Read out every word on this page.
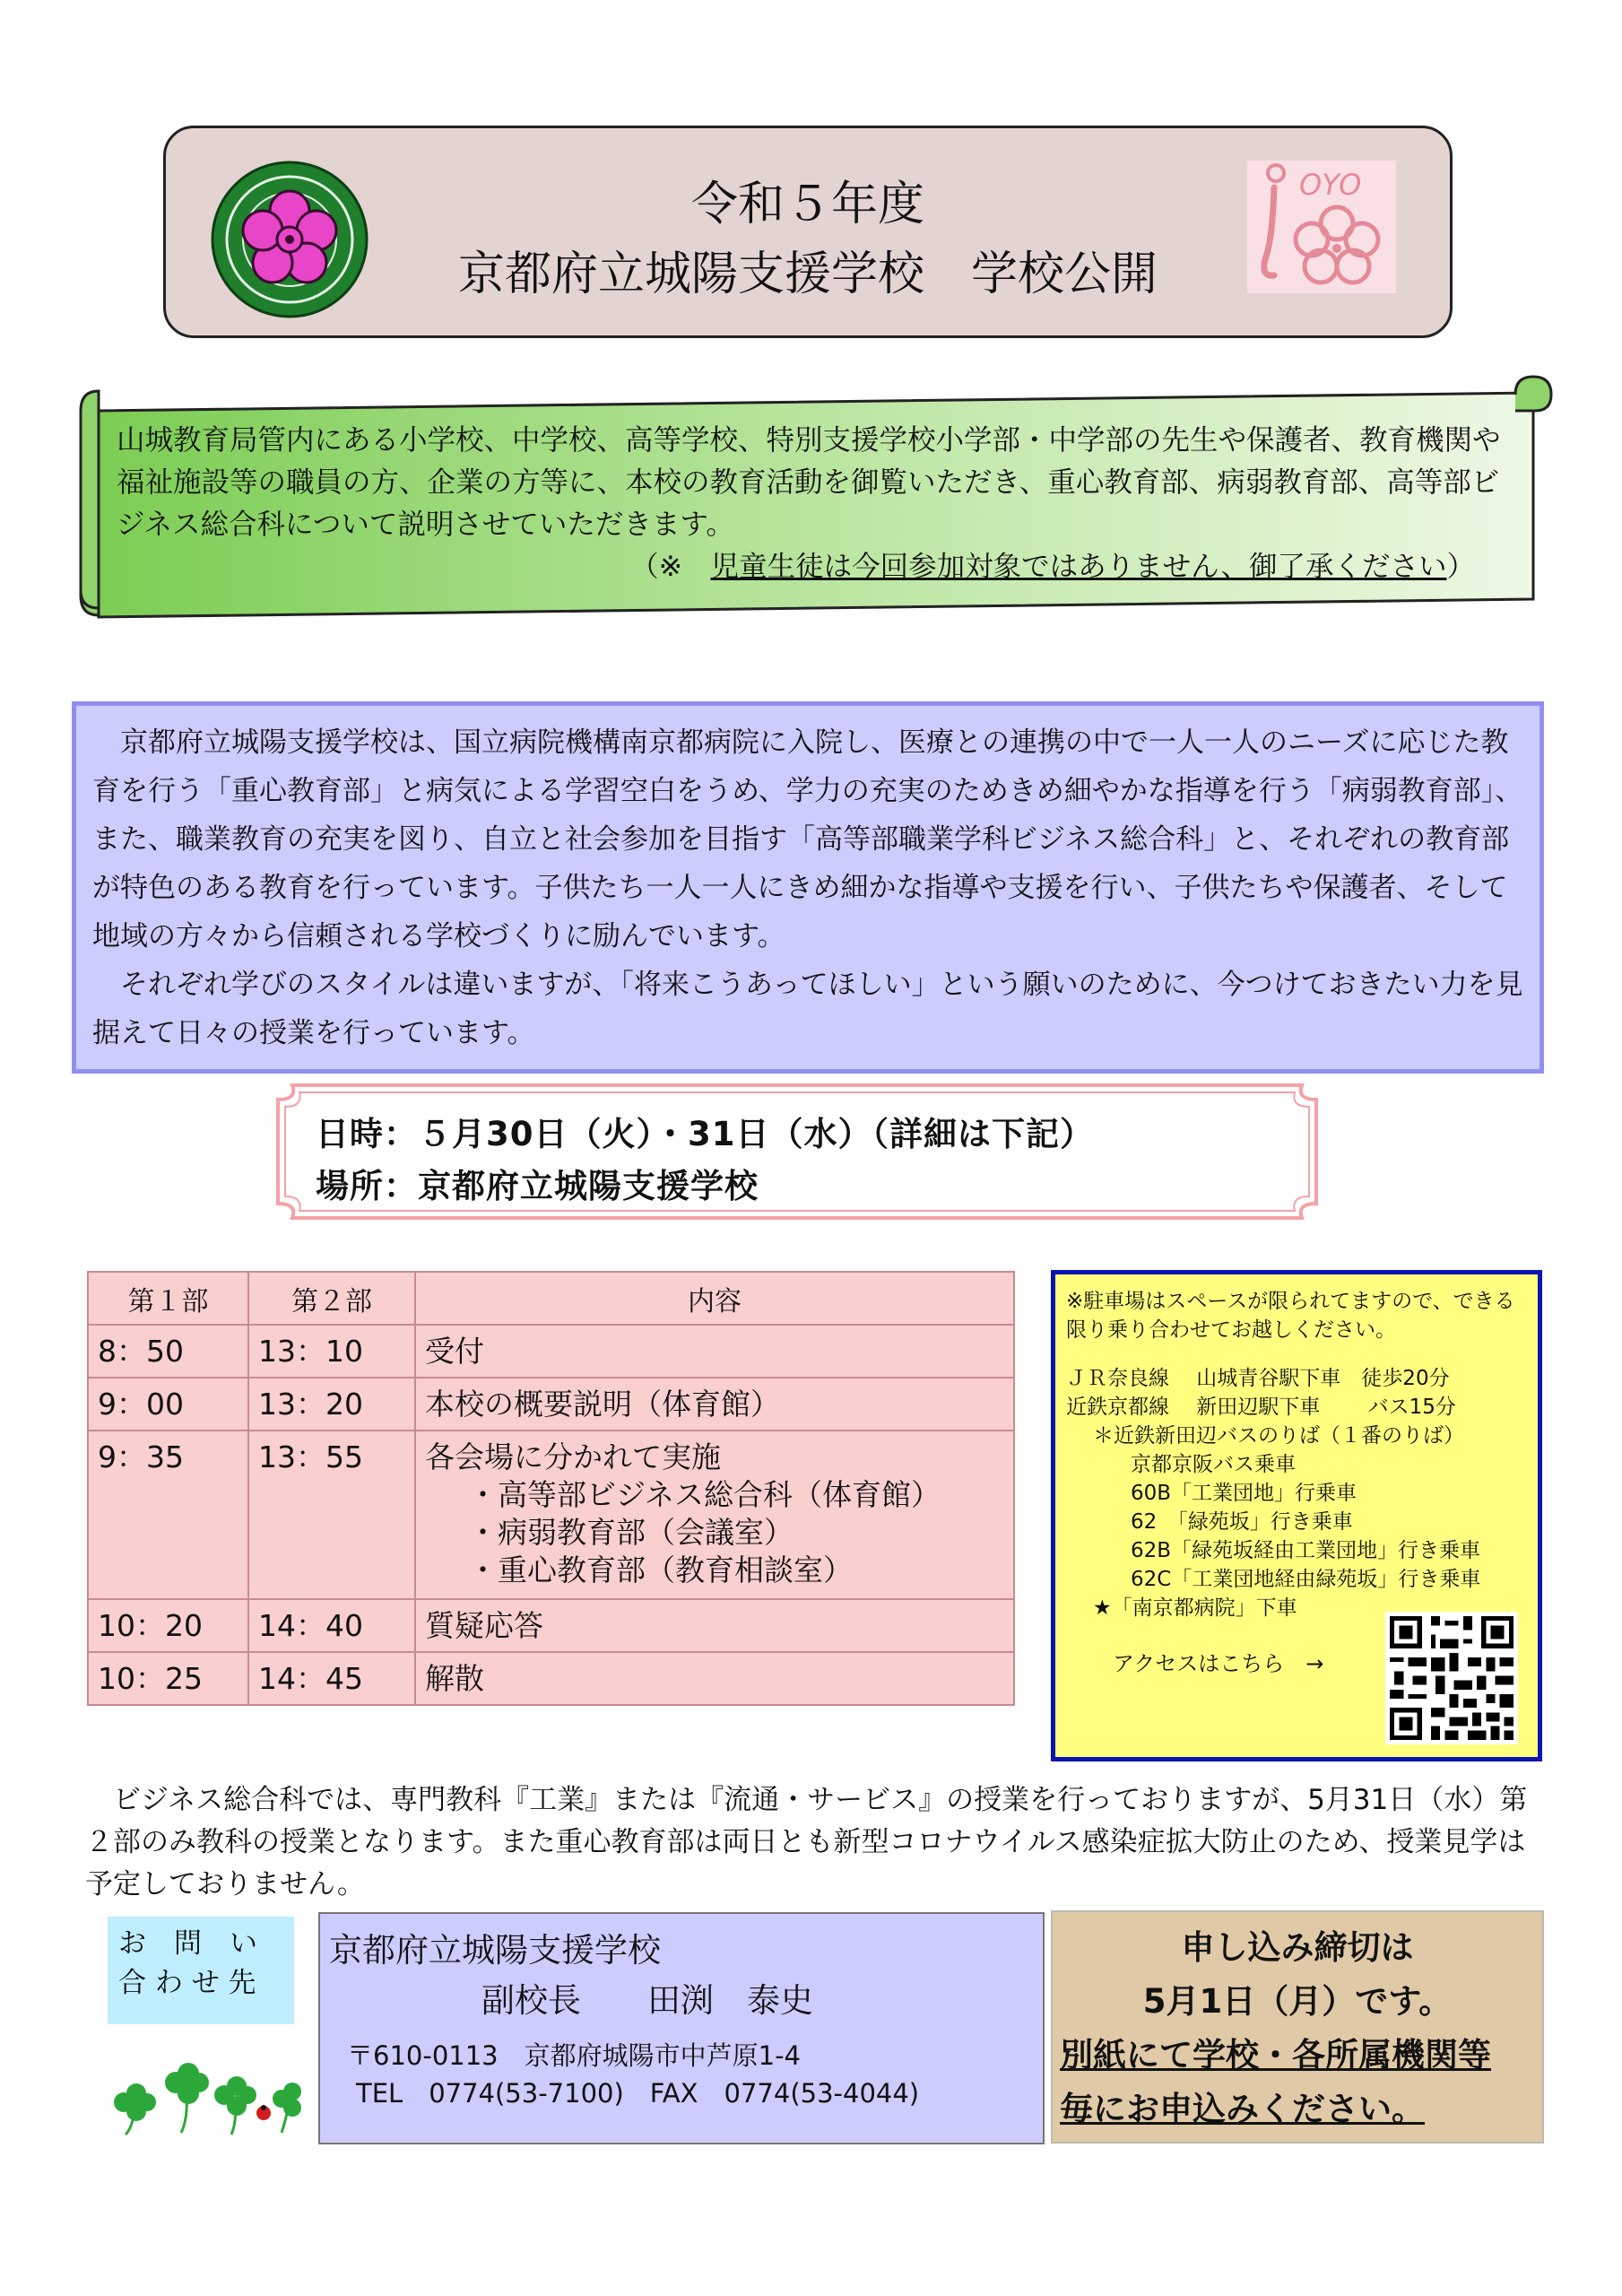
令和５年度
京都府立城陽支援学校　学校公開
OYO
山城教育局管内にある小学校、中学校、高等学校、特別支援学校小学部・中学部の先生や保護者、教育機関や福祉施設等の職員の方、企業の方等に、本校の教育活動を御覧いただき、重心教育部、病弱教育部、高等部ビジネス総合科について説明させていただきます。
（※　児童生徒は今回参加対象ではありません、御了承ください）
京都府立城陽支援学校は、国立病院機構南京都病院に入院し、医療との連携の中で一人一人のニーズに応じた教育を行う「重心教育部」と病気による学習空白をうめ、学力の充実のためきめ細やかな指導を行う「病弱教育部」、また、職業教育の充実を図り、自立と社会参加を目指す「高等部職業学科ビジネス総合科」と、それぞれの教育部が特色のある教育を行っています。子供たち一人一人にきめ細かな指導や支援を行い、子供たちや保護者、そして地域の方々から信頼される学校づくりに励んでいます。
それぞれ学びのスタイルは違いますが、「将来こうあってほしい」という願いのために、今つけておきたい力を見据えて日々の授業を行っています。
日時：５月30日（火）・31日（水）（詳細は下記）
場所：京都府立城陽支援学校
第１部	第２部	内容
8：50	13：10	受付
9：00	13：20	本校の概要説明（体育館）
9：35	13：55	各会場に分かれて実施
・高等部ビジネス総合科（体育館）
・病弱教育部（会議室）
・重心教育部（教育相談室）

10：20	14：40	質疑応答
10：25	14：45	解散
※駐車場はスペースが限られてますので、できる限り乗り合わせてお越しください。
ＪＲ奈良線　 山城青谷駅下車　徒歩20分
近鉄京都線　 新田辺駅下車　　 バス15分
＊近鉄新田辺バスのりば（１番のりば）
京都京阪バス乗車
60B「工業団地」行乗車
62　「緑苑坂」行き乗車
62B「緑苑坂経由工業団地」行き乗車
62C「工業団地経由緑苑坂」行き乗車
★「南京都病院」下車
アクセスはこちら　→
ビジネス総合科では、専門教科『工業』または『流通・サービス』の授業を行っておりますが、5月31日（水）第２部のみ教科の授業となります。また重心教育部は両日とも新型コロナウイルス感染症拡大防止のため、授業見学は予定しておりません。
お　問　い
合 わ せ 先
京都府立城陽支援学校
副校長　　田渕　泰史
〒610-0113　京都府城陽市中芦原1-4
TEL　0774(53-7100)　FAX　0774(53-4044)
申し込み締切は
5月1日（月）です。
別紙にて学校・各所属機関等
毎にお申込みください。
